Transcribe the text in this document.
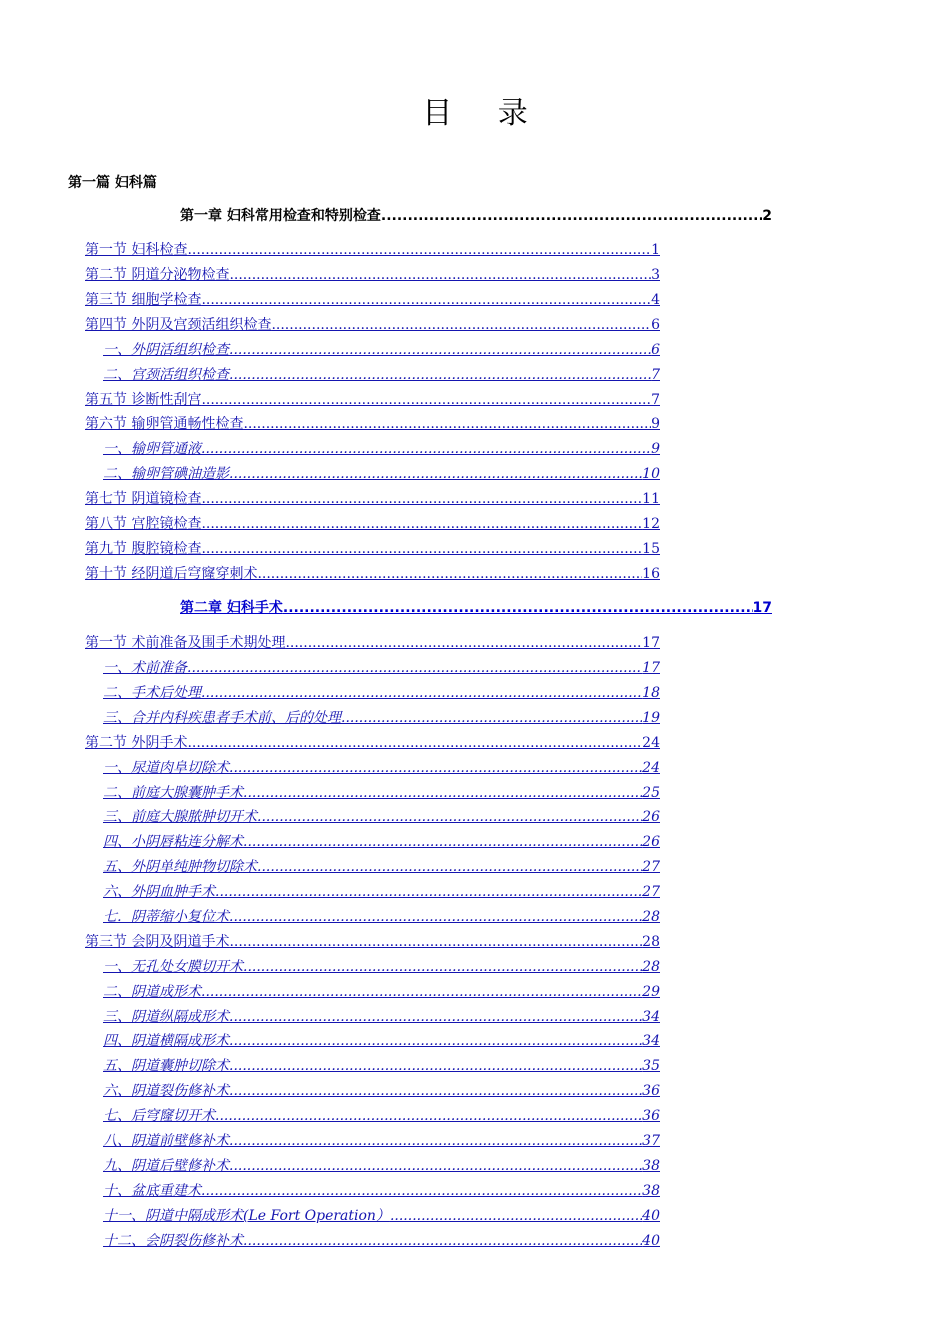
目 录
第一篇 妇科篇
第一章 妇科常用检查和特别检查 .....	2
第一节 妇科检查 .....	1
第二节 阴道分泌物检查 .....	3
第三节 细胞学检查 .....	4
第四节 外阴及宫颈活组织检查 .....	6
一、外阴活组织检查 .....	6
二、宫颈活组织检查 .....	7
第五节 诊断性刮宫 .....	7
第六节 输卵管通畅性检查 .....	9
一、输卵管通液 .....	9
二、输卵管碘油造影 .....	10
第七节 阴道镜检查 .....	11
第八节 宫腔镜检查 .....	12
第九节 腹腔镜检查 .....	15
第十节 经阴道后穹窿穿刺术 .....	16
第二章 妇科手术 .....	17
第一节 术前准备及围手术期处理 .....	17
一、术前准备 .....	17
二、手术后处理 .....	18
三、合并内科疾患者手术前、后的处理 .....	19
第二节 外阴手术 .....	24
一、尿道肉阜切除术 .....	24
二、前庭大腺囊肿手术 .....	25
三、前庭大腺脓肿切开术 .....	26
四、小阴唇粘连分解术 .....	26
五、外阴单纯肿物切除术 .....	27
六、外阴血肿手术 .....	27
七．阴蒂缩小复位术 .....	28
第三节 会阴及阴道手术 .....	28
一、无孔处女膜切开术 .....	28
二、阴道成形术 .....	29
三、阴道纵隔成形术 .....	34
四、阴道横隔成形术 .....	34
五、阴道囊肿切除术 .....	35
六、阴道裂伤修补术 .....	36
七、后穹窿切开术 .....	36
八、阴道前壁修补术 .....	37
九、阴道后壁修补术 .....	38
十、盆底重建术 .....	38
十一、阴道中隔成形术(Le Fort Operation） .....	40
十二、会阴裂伤修补术 .....	40
